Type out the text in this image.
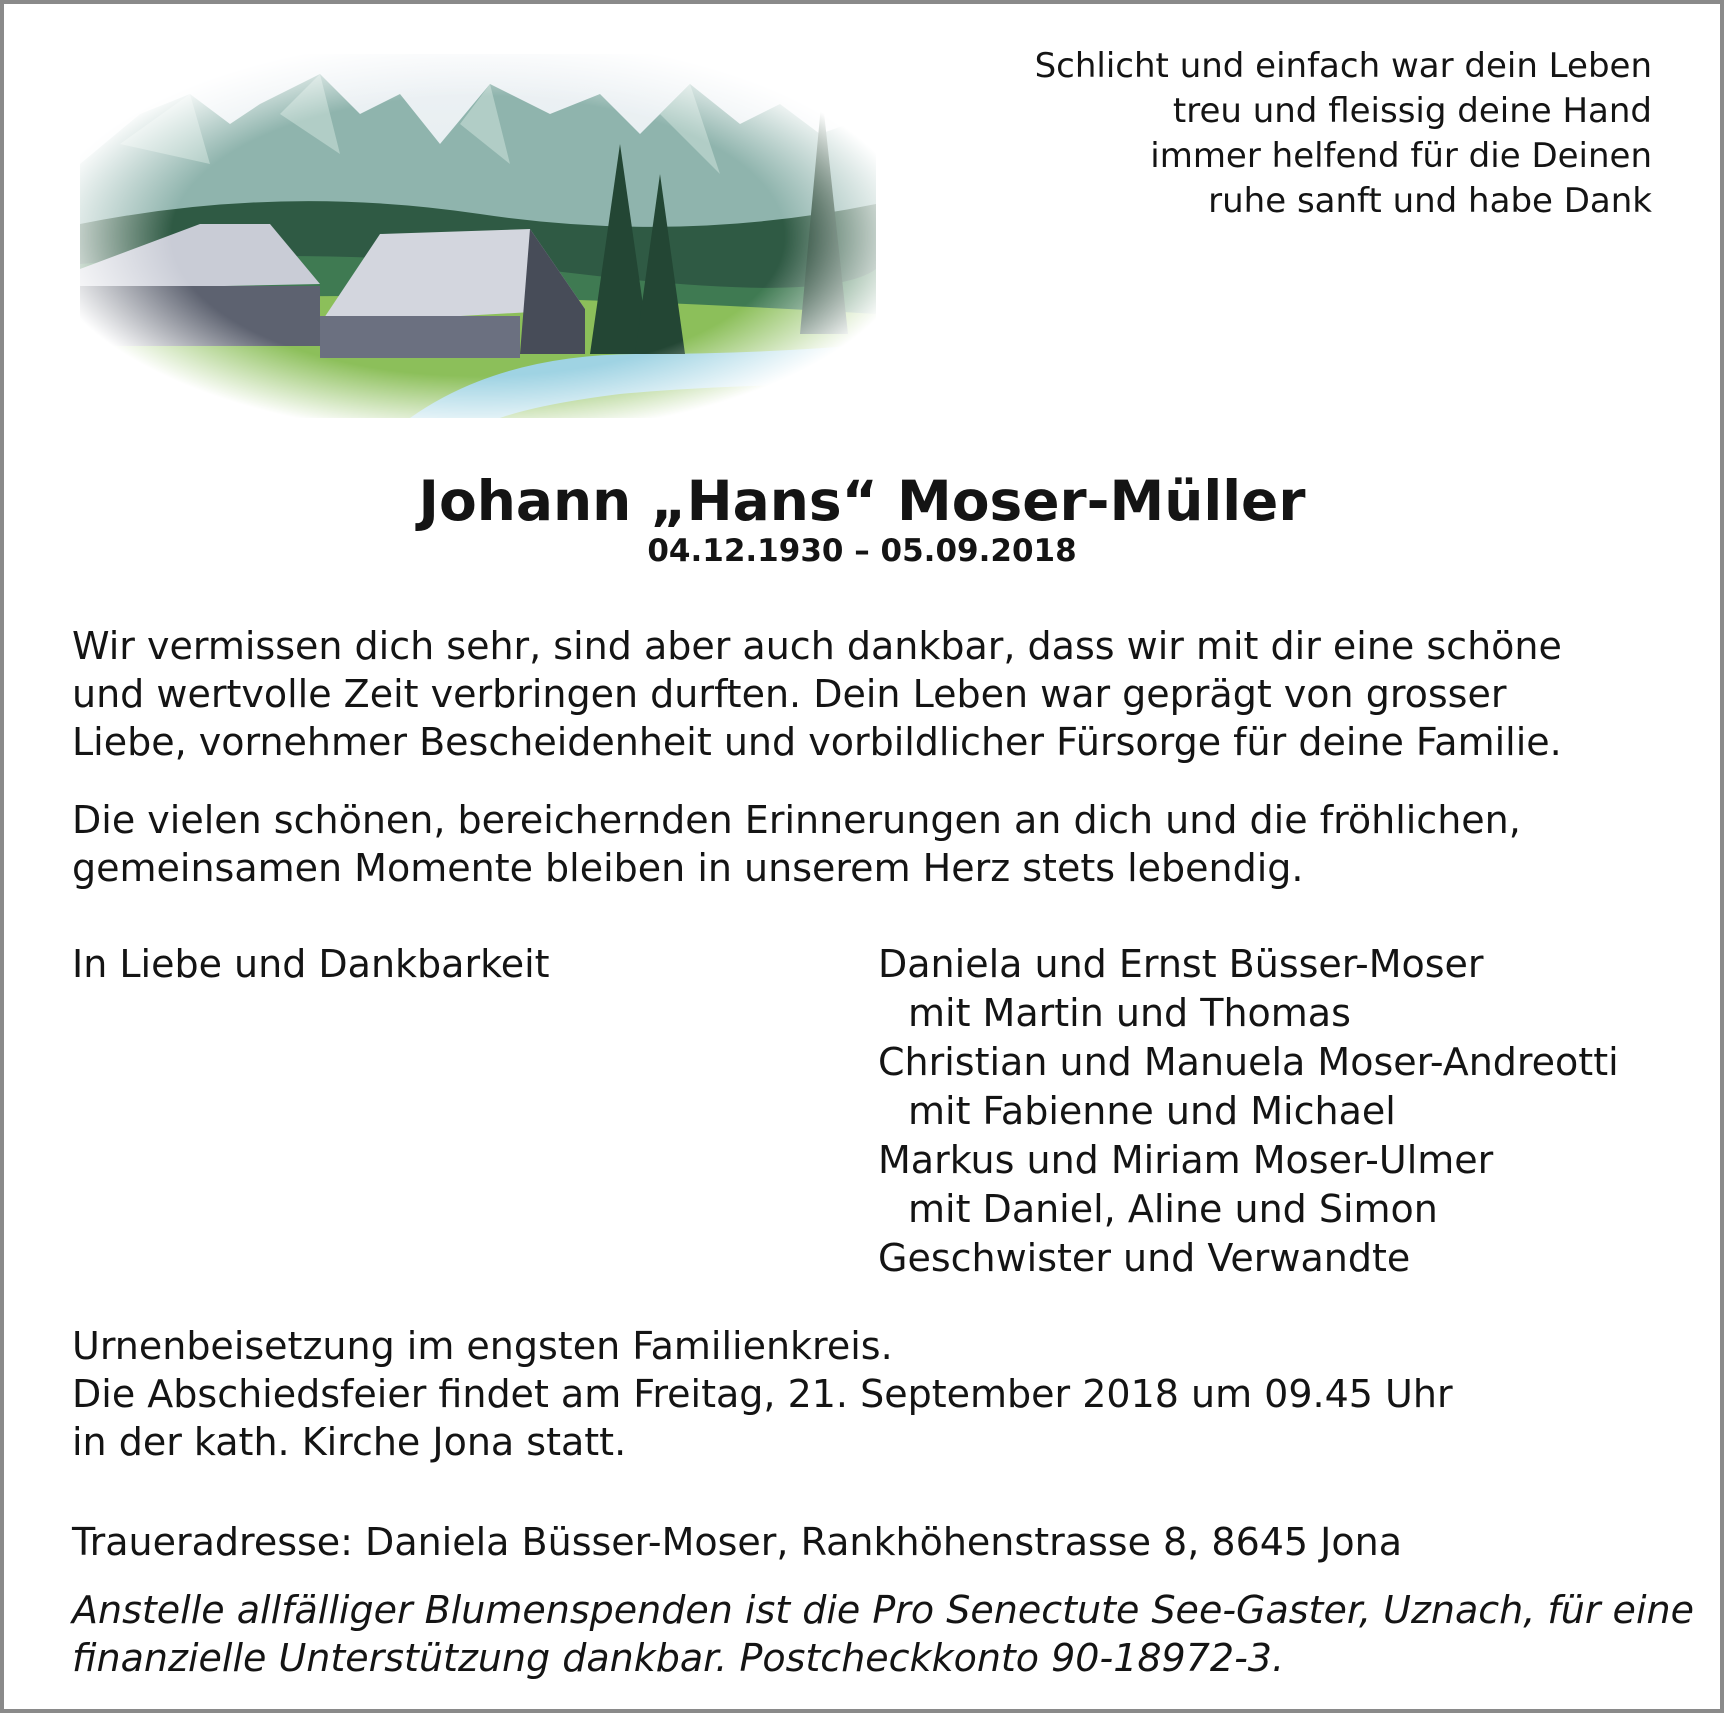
Schlicht und einfach war dein Leben
treu und fleissig deine Hand
immer helfend für die Deinen
ruhe sanft und habe Dank
Johann „Hans“ Moser-Müller
04.12.1930 – 05.09.2018
Wir vermissen dich sehr, sind aber auch dankbar, dass wir mit dir eine schöne
und wertvolle Zeit verbringen durften. Dein Leben war geprägt von grosser
Liebe, vornehmer Bescheidenheit und vorbildlicher Fürsorge für deine Familie.
Die vielen schönen, bereichernden Erinnerungen an dich und die fröhlichen,
gemeinsamen Momente bleiben in unserem Herz stets lebendig.
In Liebe und Dankbarkeit	Daniela und Ernst Büsser-Moser
mit Martin und Thomas
Christian und Manuela Moser-Andreotti
mit Fabienne und Michael
Markus und Miriam Moser-Ulmer
mit Daniel, Aline und Simon
Geschwister und Verwandte
Urnenbeisetzung im engsten Familienkreis.
Die Abschiedsfeier findet am Freitag, 21. September 2018 um 09.45 Uhr
in der kath. Kirche Jona statt.
Traueradresse: Daniela Büsser-Moser, Rankhöhenstrasse 8, 8645 Jona
Anstelle allfälliger Blumenspenden ist die Pro Senectute See-Gaster, Uznach, für eine
finanzielle Unterstützung dankbar. Postcheckkonto 90-18972-3.
